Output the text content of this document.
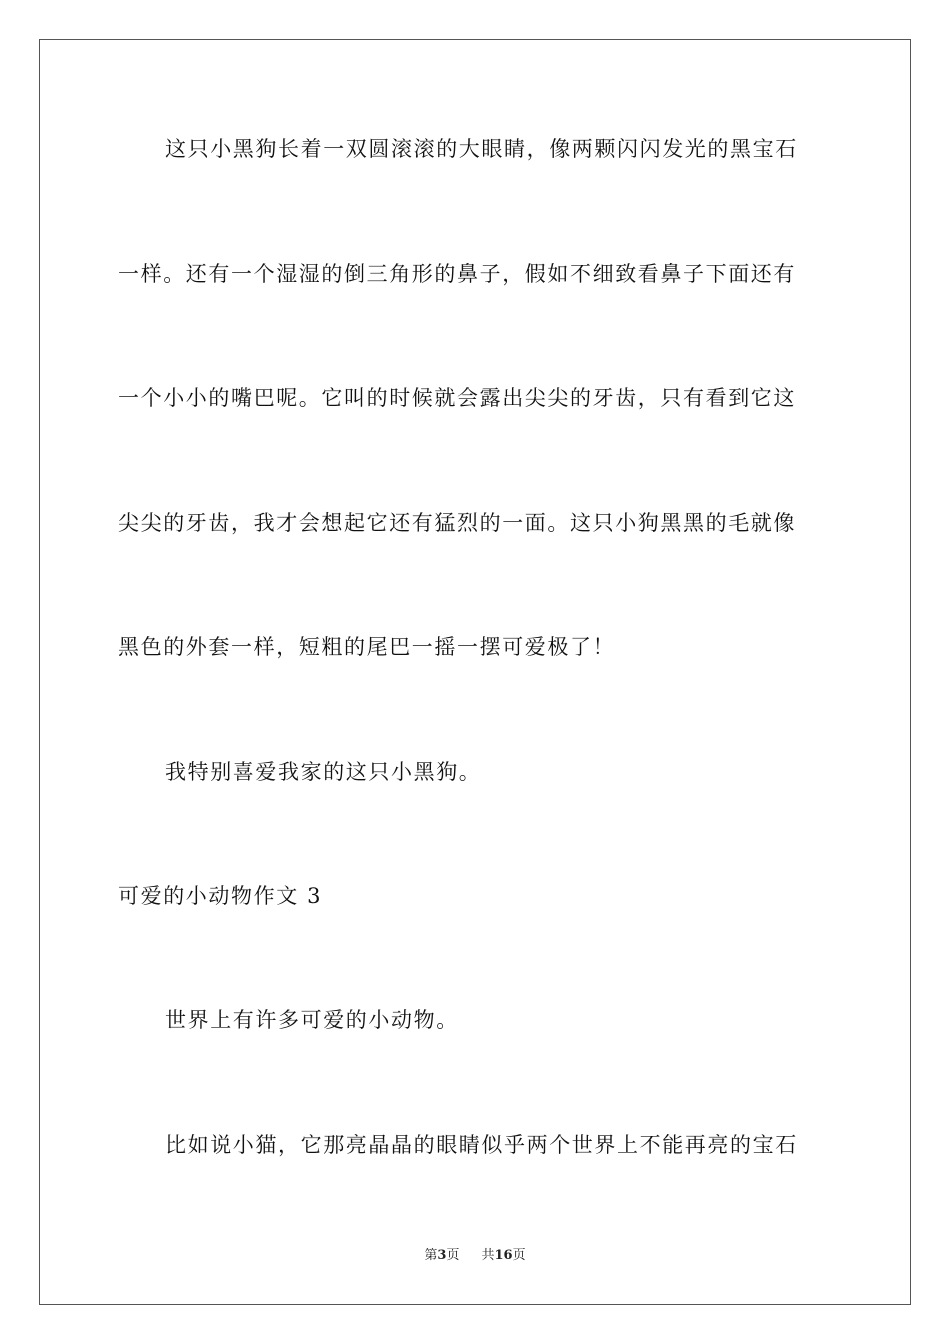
这只小黑狗长着一双圆滚滚的大眼睛，像两颗闪闪发光的黑宝石
一样。还有一个湿湿的倒三角形的鼻子，假如不细致看鼻子下面还有
一个小小的嘴巴呢。它叫的时候就会露出尖尖的牙齿，只有看到它这
尖尖的牙齿，我才会想起它还有猛烈的一面。这只小狗黑黑的毛就像
黑色的外套一样，短粗的尾巴一摇一摆可爱极了！
我特别喜爱我家的这只小黑狗。
可爱的小动物作文 3
世界上有许多可爱的小动物。
比如说小猫，它那亮晶晶的眼睛似乎两个世界上不能再亮的宝石
第3页 共16页
